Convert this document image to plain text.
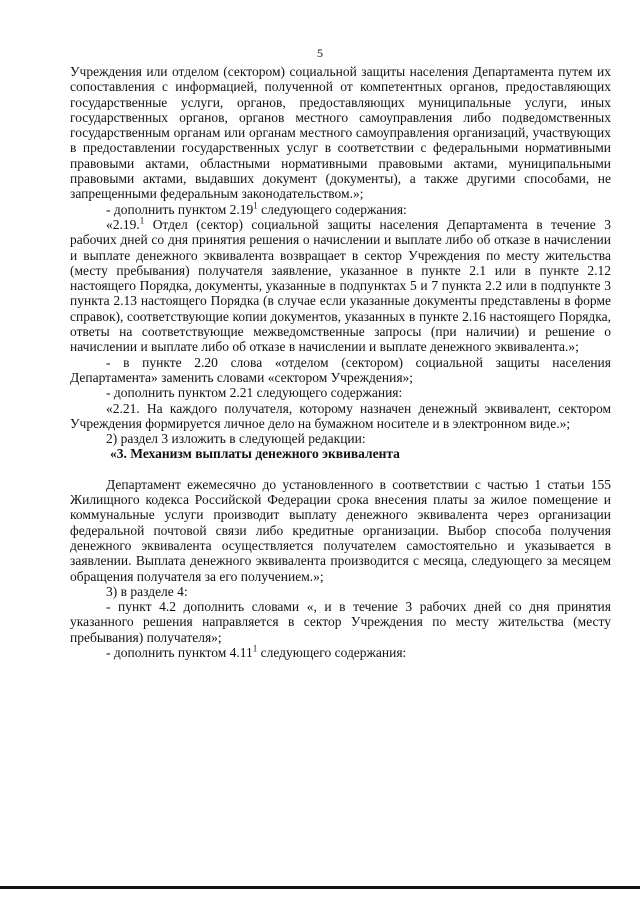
5

Учреждения или отделом (сектором) социальной защиты населения Департамента путем их сопоставления с информацией, полученной от компетентных органов, предоставляющих государственные услуги, органов, предоставляющих муниципальные услуги, иных государственных органов, органов местного самоуправления либо подведомственных государственным органам или органам местного самоуправления организаций, участвующих в предоставлении государственных услуг в соответствии с федеральными нормативными правовыми актами, областными нормативными правовыми актами, муниципальными правовыми актами, выдавших документ (документы), а также другими способами, не запрещенными федеральным законодательством.»;

- дополнить пунктом 2.19$^1$ следующего содержания:

«2.19.$^1$ Отдел (сектор) социальной защиты населения Департамента в течение 3 рабочих дней со дня принятия решения о начислении и выплате либо об отказе в начислении и выплате денежного эквивалента возвращает в сектор Учреждения по месту жительства (месту пребывания) получателя заявление, указанное в пункте 2.1 или в пункте 2.12 настоящего Порядка, документы, указанные в подпунктах 5 и 7 пункта 2.2 или в подпункте 3 пункта 2.13 настоящего Порядка (в случае если указанные документы представлены в форме справок), соответствующие копии документов, указанных в пункте 2.16 настоящего Порядка, ответы на соответствующие межведомственные запросы (при наличии) и решение о начислении и выплате либо об отказе в начислении и выплате денежного эквивалента.»;

- в пункте 2.20 слова «отделом (сектором) социальной защиты населения Департамента» заменить словами «сектором Учреждения»;

- дополнить пунктом 2.21 следующего содержания:

«2.21. На каждого получателя, которому назначен денежный эквивалент, сектором Учреждения формируется личное дело на бумажном носителе и в электронном виде.»;

2) раздел 3 изложить в следующей редакции:

«3. Механизм выплаты денежного эквивалента

Департамент ежемесячно до установленного в соответствии с частью 1 статьи 155 Жилищного кодекса Российской Федерации срока внесения платы за жилое помещение и коммунальные услуги производит выплату денежного эквивалента через организации федеральной почтовой связи либо кредитные организации. Выбор способа получения денежного эквивалента осуществляется получателем самостоятельно и указывается в заявлении. Выплата денежного эквивалента производится с месяца, следующего за месяцем обращения получателя за его получением.»;

3) в разделе 4:

- пункт 4.2 дополнить словами «, и в течение 3 рабочих дней со дня принятия указанного решения направляется в сектор Учреждения по месту жительства (месту пребывания) получателя»;

- дополнить пунктом 4.11$^1$ следующего содержания:
